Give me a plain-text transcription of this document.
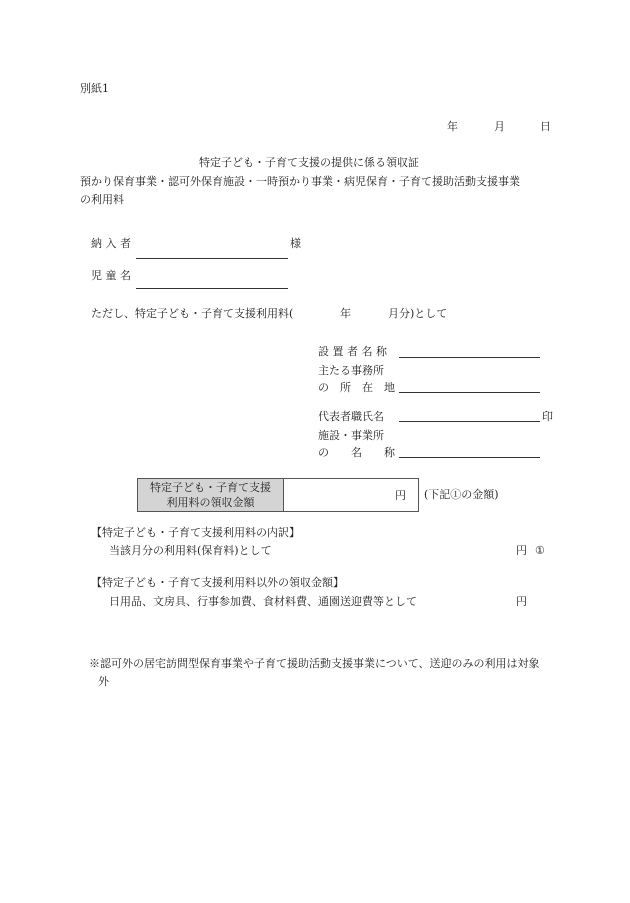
別紙1
年	月	日
特定子ども・子育て支援の提供に係る領収証
預かり保育事業・認可外保育施設・一時預かり事業・病児保育・子育て援助活動支援事業
の利用料
納 入 者	様
児 童 名
ただし、特定子ども・子育て支援利用料(	年	月分)として
設 置 者 名 称
主たる事務所
の　所　在　地
代表者職氏名	印
施設・事業所
の　　名　　称
特定子ども・子育て支援
利用料の領収金額
円 (下記①の金額)
【特定子ども・子育て支援利用料の内訳】
当該月分の利用料(保育料)として	円 ①
【特定子ども・子育て支援利用料以外の領収金額】
日用品、文房具、行事参加費、食材料費、通園送迎費等として	円
※認可外の居宅訪問型保育事業や子育て援助活動支援事業について、送迎のみの利用は対象
外
